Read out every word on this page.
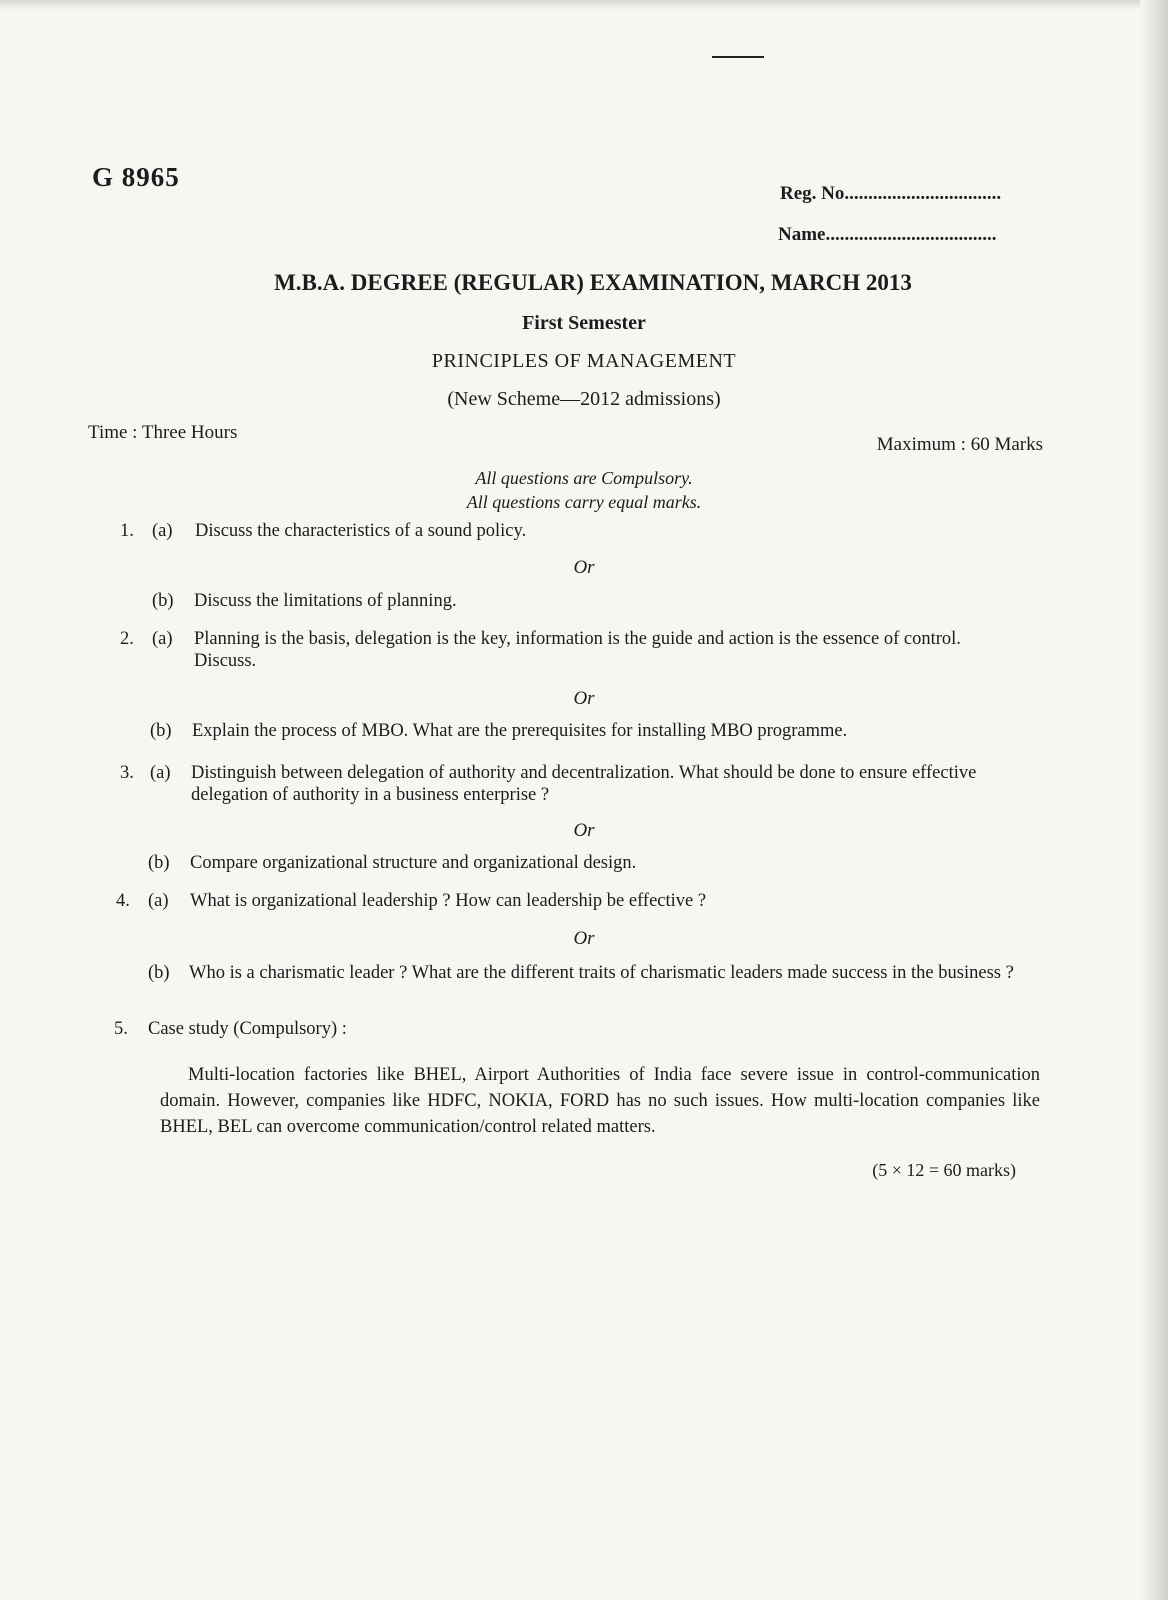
G 8965
Reg. No.................................
Name....................................
M.B.A. DEGREE (REGULAR) EXAMINATION, MARCH 2013
First Semester
PRINCIPLES OF MANAGEMENT
(New Scheme—2012 admissions)
Time : Three Hours
Maximum : 60 Marks
All questions are Compulsory.
All questions carry equal marks.
1. (a) Discuss the characteristics of a sound policy.
Or
(b) Discuss the limitations of planning.
2. (a) Planning is the basis, delegation is the key, information is the guide and action is the essence of control. Discuss.
Or
(b) Explain the process of MBO. What are the prerequisites for installing MBO programme.
3. (a) Distinguish between delegation of authority and decentralization. What should be done to ensure effective delegation of authority in a business enterprise ?
Or
(b) Compare organizational structure and organizational design.
4. (a) What is organizational leadership ? How can leadership be effective ?
Or
(b) Who is a charismatic leader ? What are the different traits of charismatic leaders made success in the business ?
5. Case study (Compulsory) :
Multi-location factories like BHEL, Airport Authorities of India face severe issue in control-communication domain. However, companies like HDFC, NOKIA, FORD has no such issues. How multi-location companies like BHEL, BEL can overcome communication/control related matters.
(5 × 12 = 60 marks)
